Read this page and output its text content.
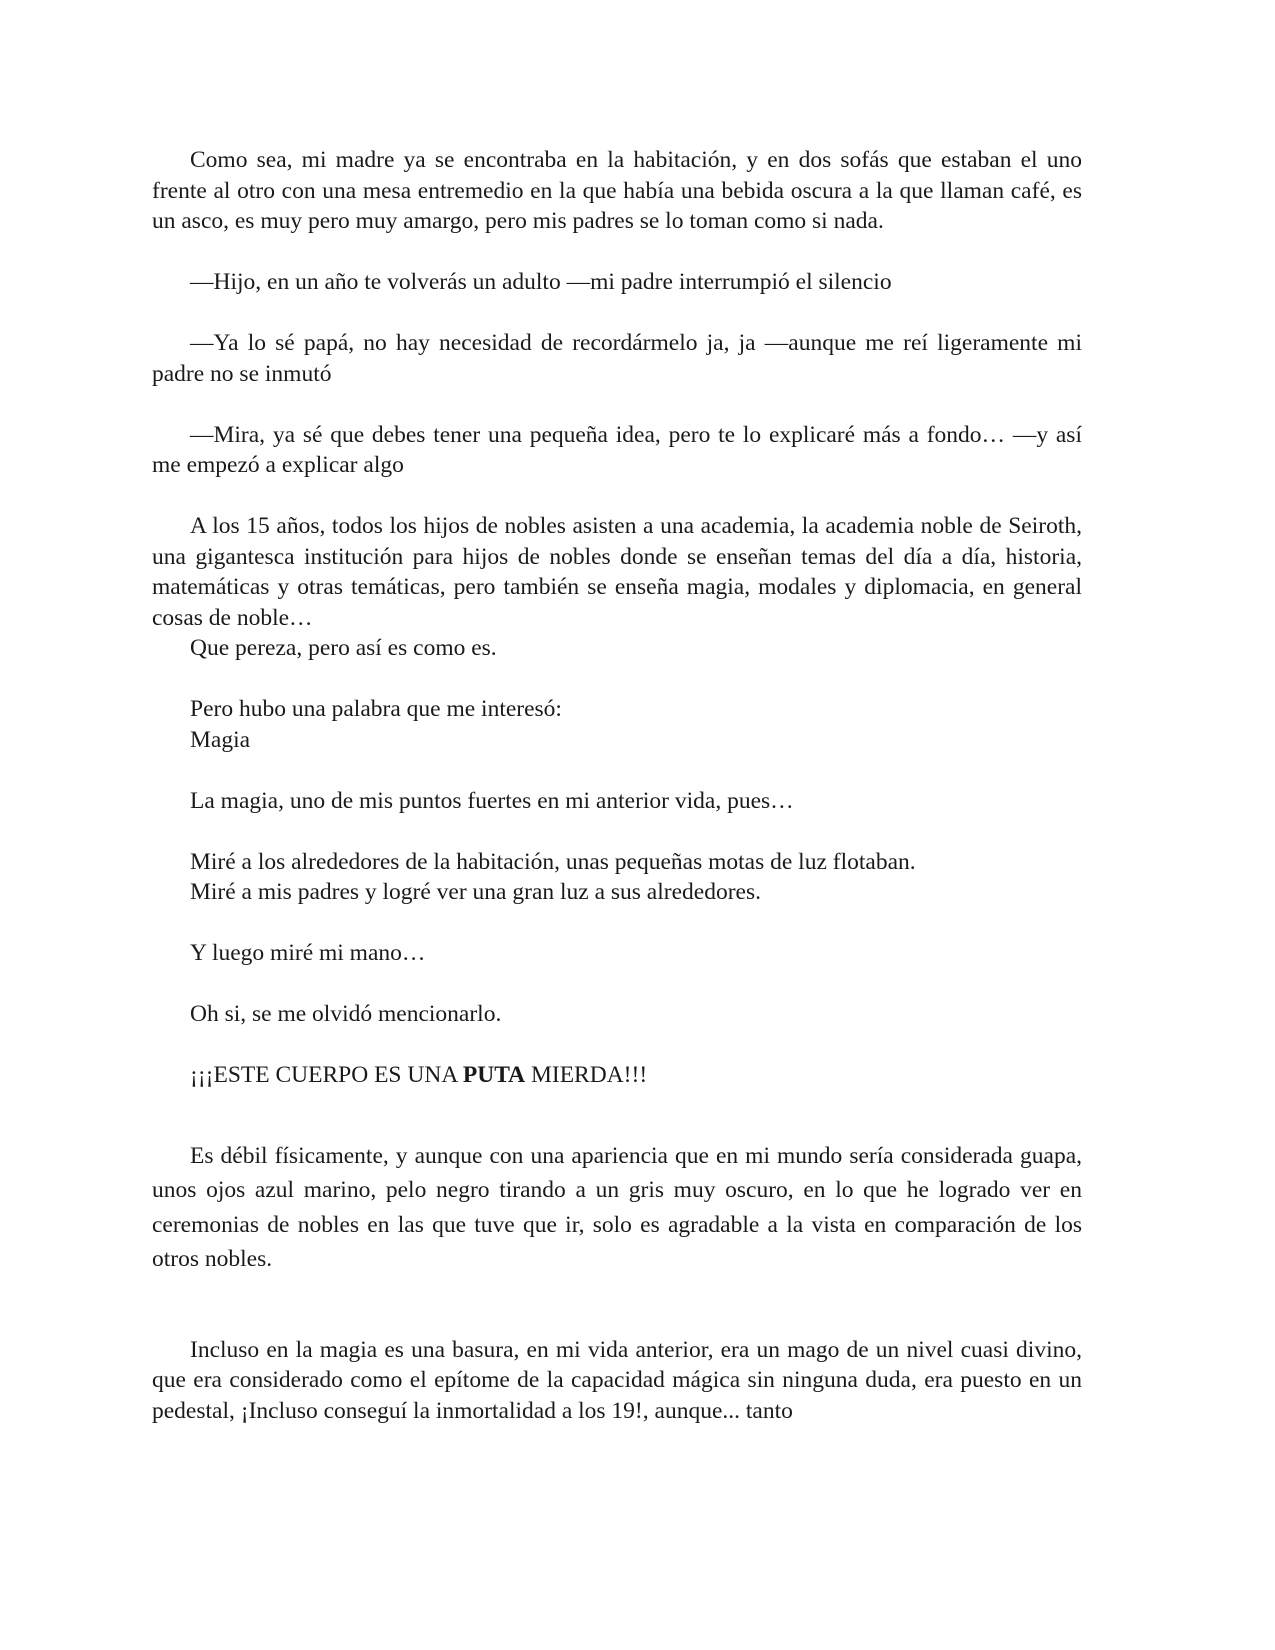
Como sea, mi madre ya se encontraba en la habitación, y en dos sofás que estaban el uno frente al otro con una mesa entremedio en la que había una bebida oscura a la que llaman café, es un asco, es muy pero muy amargo, pero mis padres se lo toman como si nada.

—Hijo, en un año te volverás un adulto —mi padre interrumpió el silencio

—Ya lo sé papá, no hay necesidad de recordármelo ja, ja —aunque me reí ligeramente mi padre no se inmutó

—Mira, ya sé que debes tener una pequeña idea, pero te lo explicaré más a fondo… —y así me empezó a explicar algo

A los 15 años, todos los hijos de nobles asisten a una academia, la academia noble de Seiroth, una gigantesca institución para hijos de nobles donde se enseñan temas del día a día, historia, matemáticas y otras temáticas, pero también se enseña magia, modales y diplomacia, en general cosas de noble…

Que pereza, pero así es como es.

Pero hubo una palabra que me interesó:

Magia

La magia, uno de mis puntos fuertes en mi anterior vida, pues…

Miré a los alrededores de la habitación, unas pequeñas motas de luz flotaban.

Miré a mis padres y logré ver una gran luz a sus alrededores.

Y luego miré mi mano…

Oh si, se me olvidó mencionarlo.

¡¡¡ESTE CUERPO ES UNA PUTA MIERDA!!!

Es débil físicamente, y aunque con una apariencia que en mi mundo sería considerada guapa, unos ojos azul marino, pelo negro tirando a un gris muy oscuro, en lo que he logrado ver en ceremonias de nobles en las que tuve que ir, solo es agradable a la vista en comparación de los otros nobles.

Incluso en la magia es una basura, en mi vida anterior, era un mago de un nivel cuasi divino, que era considerado como el epítome de la capacidad mágica sin ninguna duda, era puesto en un pedestal, ¡Incluso conseguí la inmortalidad a los 19!, aunque... tanto
